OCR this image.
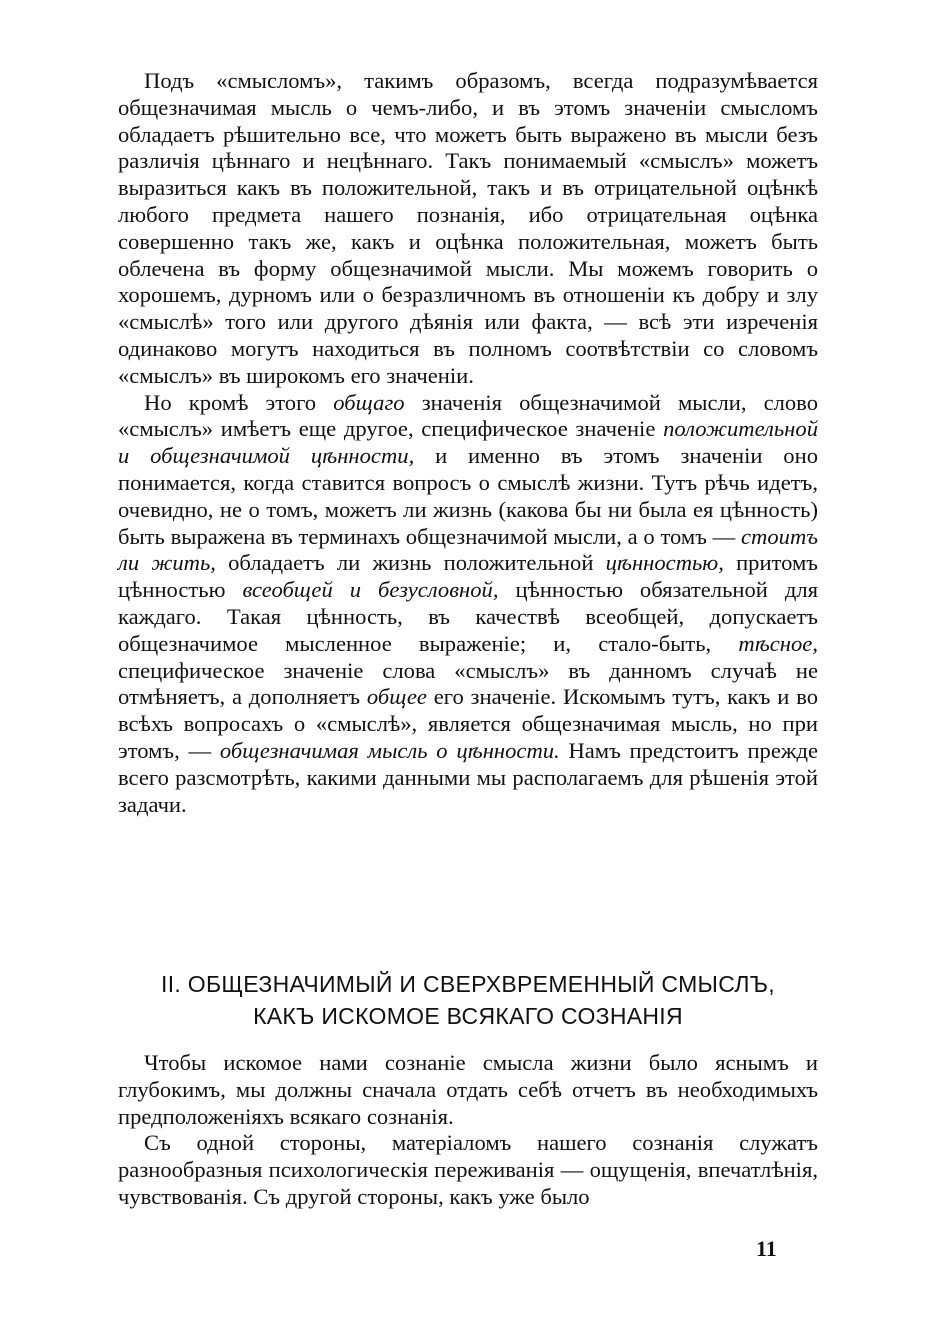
Подъ «смысломъ», такимъ образомъ, всегда подразумѣвается общезначимая мысль о чемъ-либо, и въ этомъ значенiи смысломъ обладаетъ рѣшительно все, что можетъ быть выражено въ мысли безъ различiя цѣннаго и нецѣннаго. Такъ понимаемый «смыслъ» можетъ выразиться какъ въ положительной, такъ и въ отрицательной оцѣнкѣ любого предмета нашего познанiя, ибо отрицательная оцѣнка совершенно такъ же, какъ и оцѣнка положительная, можетъ быть облечена въ форму общезначимой мысли. Мы можемъ говорить о хорошемъ, дурномъ или о безразличномъ въ отношенiи къ добру и злу «смыслѣ» того или другого дѣянiя или факта, — всѣ эти изреченiя одинаково могутъ находиться въ полномъ соотвѣтствiи со словомъ «смыслъ» въ широкомъ его значенiи.

Но кромѣ этого общаго значенiя общезначимой мысли, слово «смыслъ» имѣетъ еще другое, специфическое значенiе положительной и общезначимой цѣнности, и именно въ этомъ значенiи оно понимается, когда ставится вопросъ о смыслѣ жизни. Тутъ рѣчь идетъ, очевидно, не о томъ, можетъ ли жизнь (какова бы ни была ея цѣнность) быть выражена въ терминахъ общезначимой мысли, а о томъ — стоитъ ли жить, обладаетъ ли жизнь положительной цѣнностью, притомъ цѣнностью всеобщей и безусловной, цѣнностью обязательной для каждаго. Такая цѣнность, въ качествѣ всеобщей, допускаетъ общезначимое мысленное выраженiе; и, стало-быть, тѣсное, специфическое значенiе слова «смыслъ» въ данномъ случаѣ не отмѣняетъ, а дополняетъ общее его значенiе. Искомымъ тутъ, какъ и во всѣхъ вопросахъ о «смыслѣ», является общезначимая мысль, но при этомъ, — общезначимая мысль о цѣнности. Намъ предстоитъ прежде всего разсмотрѣть, какими данными мы располагаемъ для рѣшенiя этой задачи.

II. ОБЩЕЗНАЧИМЫЙ И СВЕРХВРЕМЕННЫЙ СМЫСЛЪ,
КАКЪ ИСКОМОЕ ВСЯКАГО СОЗНАНIЯ

Чтобы искомое нами сознанiе смысла жизни было яснымъ и глубокимъ, мы должны сначала отдать себѣ отчетъ въ необходимыхъ предположенiяхъ всякаго сознанiя.

Съ одной стороны, матерiаломъ нашего сознанiя служатъ разнообразныя психологическiя переживанiя — ощущенiя, впечатлѣнiя, чувствованiя. Съ другой стороны, какъ уже было

11
